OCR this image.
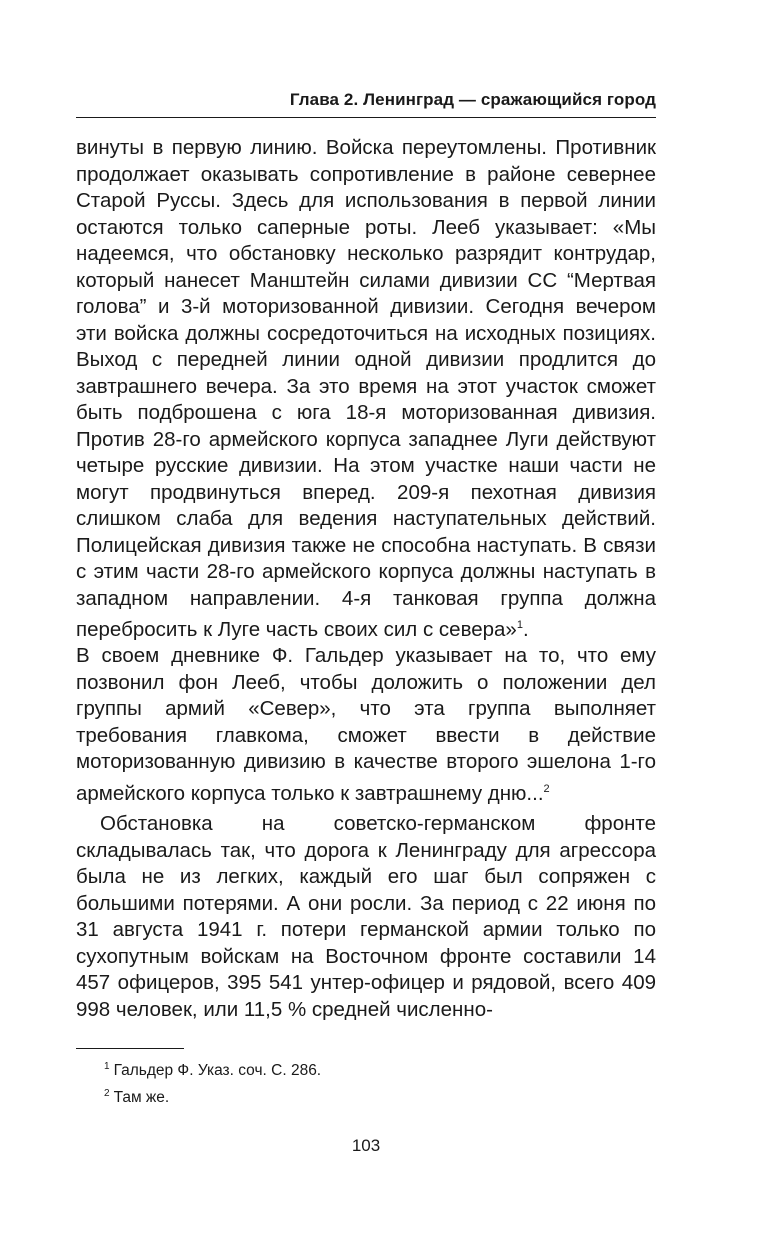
Глава 2. Ленинград — сражающийся город

винуты в первую линию. Войска переутомлены. Противник продолжает оказывать сопротивление в районе севернее Старой Руссы. Здесь для использования в первой линии остаются только саперные роты. Лееб указывает: «Мы надеемся, что обстановку несколько разрядит контрудар, который нанесет Манштейн силами дивизии СС “Мертвая голова” и 3-й моторизованной дивизии. Сегодня вечером эти войска должны сосредоточиться на исходных позициях. Выход с передней линии одной дивизии продлится до завтрашнего вечера. За это время на этот участок сможет быть подброшена с юга 18-я моторизованная дивизия. Против 28-го армейского корпуса западнее Луги действуют четыре русские дивизии. На этом участке наши части не могут продвинуться вперед. 209-я пехотная дивизия слишком слаба для ведения наступательных действий. Полицейская дивизия также не способна наступать. В связи с этим части 28-го армейского корпуса должны наступать в западном направлении. 4-я танковая группа должна перебросить к Луге часть своих сил с севера»$^1$.

В своем дневнике Ф. Гальдер указывает на то, что ему позвонил фон Лееб, чтобы доложить о положении дел группы армий «Север», что эта группа выполняет требования главкома, сможет ввести в действие моторизованную дивизию в качестве второго эшелона 1-го армейского корпуса только к завтрашнему дню...$^2$

Обстановка на советско-германском фронте складывалась так, что дорога к Ленинграду для агрессора была не из легких, каждый его шаг был сопряжен с большими потерями. А они росли. За период с 22 июня по 31 августа 1941 г. потери германской армии только по сухопутным войскам на Восточном фронте составили 14 457 офицеров, 395 541 унтер-офицер и рядовой, всего 409 998 человек, или 11,5 % средней численно-

$^1$ Гальдер Ф. Указ. соч. С. 286.

$^2$ Там же.

103
